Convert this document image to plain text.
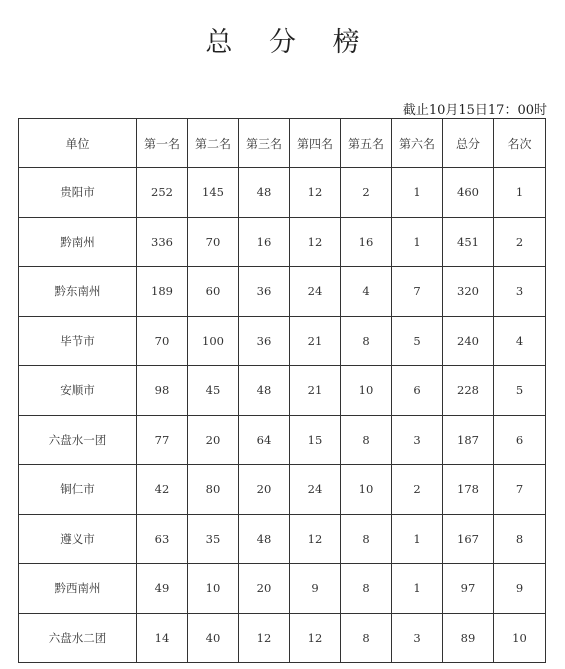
总 分 榜
截止10月15日17：00时
单位	第一名	第二名	第三名	第四名	第五名	第六名	总分	名次
贵阳市	252	145	48	12	2	1	460	1
黔南州	336	70	16	12	16	1	451	2
黔东南州	189	60	36	24	4	7	320	3
毕节市	70	100	36	21	8	5	240	4
安顺市	98	45	48	21	10	6	228	5
六盘水一团	77	20	64	15	8	3	187	6
铜仁市	42	80	20	24	10	2	178	7
遵义市	63	35	48	12	8	1	167	8
黔西南州	49	10	20	9	8	1	97	9
六盘水二团	14	40	12	12	8	3	89	10
